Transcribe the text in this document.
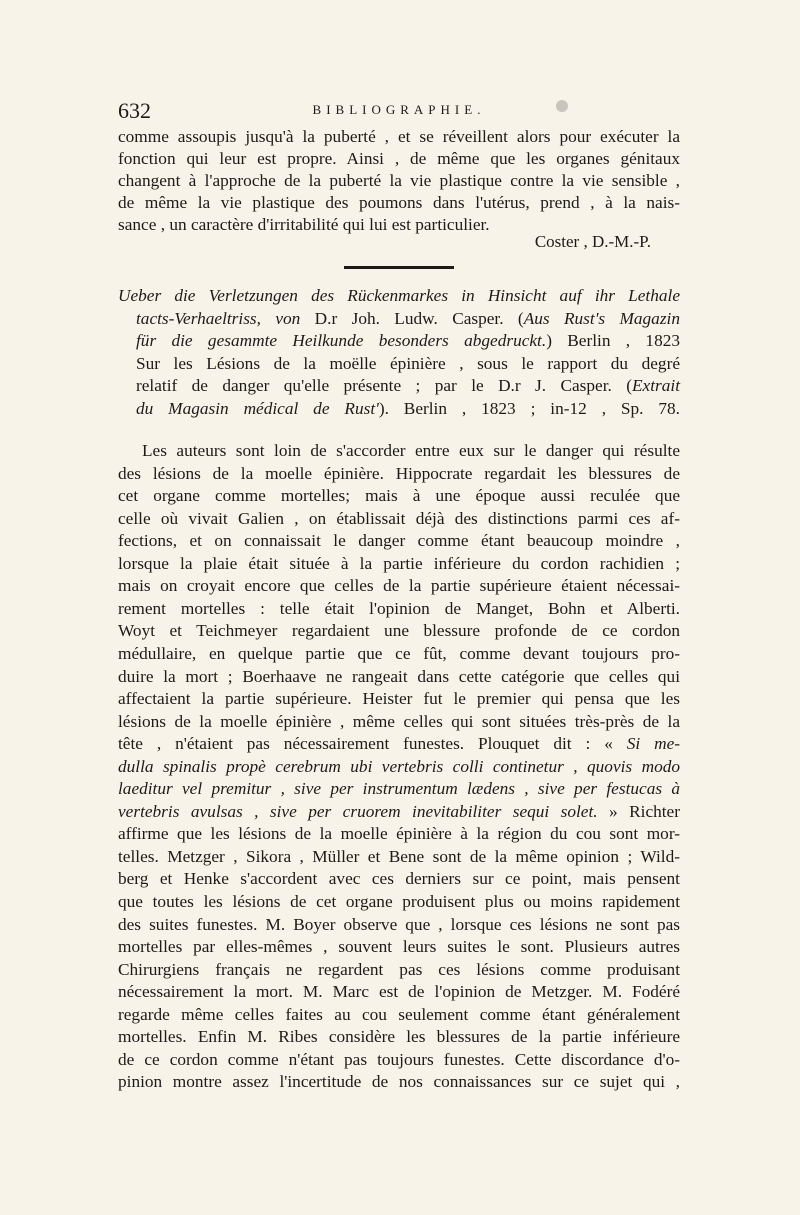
632	BIBLIOGRAPHIE.
comme assoupis jusqu'à la puberté , et se réveillent alors pour exécuter la
fonction qui leur est propre. Ainsi , de même que les organes génitaux
changent à l'approche de la puberté la vie plastique contre la vie sensible ,
de même la vie plastique des poumons dans l'utérus, prend , à la nais-
sance , un caractère d'irritabilité qui lui est particulier.
Coster , D.-M.-P.
Ueber die Verletzungen des Rückenmarkes in Hinsicht auf ihr Lethale
tacts-Verhaeltriss, von D.r Joh. Ludw. Casper. (Aus Rust's Magazin
für die gesammte Heilkunde besonders abgedruckt.) Berlin , 1823
Sur les Lésions de la moëlle épinière , sous le rapport du degré
relatif de danger qu'elle présente ; par le D.r J. Casper. (Extrait
du Magasin médical de Rust'). Berlin , 1823 ; in-12 , Sp. 78.
Les auteurs sont loin de s'accorder entre eux sur le danger qui résulte
des lésions de la moelle épinière. Hippocrate regardait les blessures de
cet organe comme mortelles; mais à une époque aussi reculée que
celle où vivait Galien , on établissait déjà des distinctions parmi ces af-
fections, et on connaissait le danger comme étant beaucoup moindre ,
lorsque la plaie était située à la partie inférieure du cordon rachidien ;
mais on croyait encore que celles de la partie supérieure étaient nécessai-
rement mortelles : telle était l'opinion de Manget, Bohn et Alberti.
Woyt et Teichmeyer regardaient une blessure profonde de ce cordon
médullaire, en quelque partie que ce fût, comme devant toujours pro-
duire la mort ; Boerhaave ne rangeait dans cette catégorie que celles qui
affectaient la partie supérieure. Heister fut le premier qui pensa que les
lésions de la moelle épinière , même celles qui sont situées très-près de la
tête , n'étaient pas nécessairement funestes. Plouquet dit : « Si me-
dulla spinalis propè cerebrum ubi vertebris colli continetur , quovis modo
laeditur vel premitur , sive per instrumentum lædens , sive per festucas à
vertebris avulsas , sive per cruorem inevitabiliter sequi solet. » Richter
affirme que les lésions de la moelle épinière à la région du cou sont mor-
telles. Metzger , Sikora , Müller et Bene sont de la même opinion ; Wild-
berg et Henke s'accordent avec ces derniers sur ce point, mais pensent
que toutes les lésions de cet organe produisent plus ou moins rapidement
des suites funestes. M. Boyer observe que , lorsque ces lésions ne sont pas
mortelles par elles-mêmes , souvent leurs suites le sont. Plusieurs autres
Chirurgiens français ne regardent pas ces lésions comme produisant
nécessairement la mort. M. Marc est de l'opinion de Metzger. M. Fodéré
regarde même celles faites au cou seulement comme étant généralement
mortelles. Enfin M. Ribes considère les blessures de la partie inférieure
de ce cordon comme n'étant pas toujours funestes. Cette discordance d'o-
pinion montre assez l'incertitude de nos connaissances sur ce sujet qui ,
